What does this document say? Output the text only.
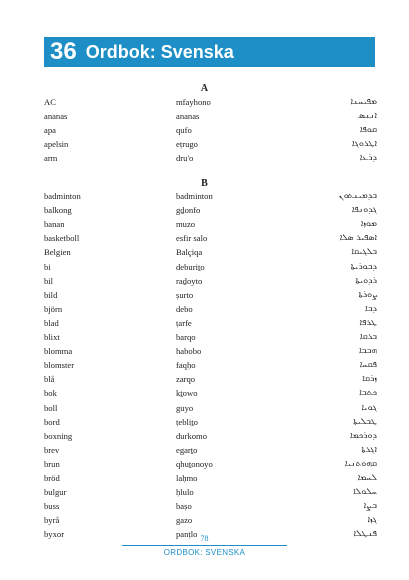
36 Ordbok: Svenska
A
AC	mfayhono	ܡܦܝܚܢܐ
ananas	ananas	ܐܢܢܣ
apa	qufo	ܩܘܦܐ
apelsin	eṭrugo	ܐܛܪܘܓܐ
arm	dru'o	ܕܪܥܐ
B
badminton	badminton	ܒܕܡܝܢܬܘܢ
balkong	gḏonfo	ܓܕܘܢܦܐ
banan	muzo	ܡܘܙܐ
basketboll	esfir salo	ܐܣܦܝܪ ܣܠܐ
Belgien	Balҫiqa	ܒܠܓܝܩܐ
bi	deburiṯo	ܕܒܘܪܝܬܐ
bil	raḏoyto	ܪܕܘܝܬܐ
bild	ṣurto	ܨܘܪܬܐ
björn	debo	ܕܒܐ
blad	ṭarfe	ܛܪܦܐ
blixt	barqo	ܒܪܩܐ
blomma	habobo	ܗܒܒܐ
blomster	faqḥo	ܦܩܚܐ
blå	zarqo	ܙܪܩܐ
bok	kṯowo	ܟܬܒܐ
boll	guyo	ܓܘܝܐ
bord	ṭebliṯo	ܛܒܠܝܬܐ
boxning	durkomo	ܕܘܪܟܡܐ
brev	egarṯo	ܐܓܪܬܐ
brun	qhuṯonoyo	ܩܗܘܬܢܝܐ
bröd	laḥmo	ܠܚܡܐ
bulgur	ḥlulo	ܚܠܘܠܐ
buss	baṣo	ܒܨܐ
byrå	gazo	ܓܙܐ
byxor	panṭlo	ܦܢܛܠܐ
78
ORDBOK: SVENSKA
